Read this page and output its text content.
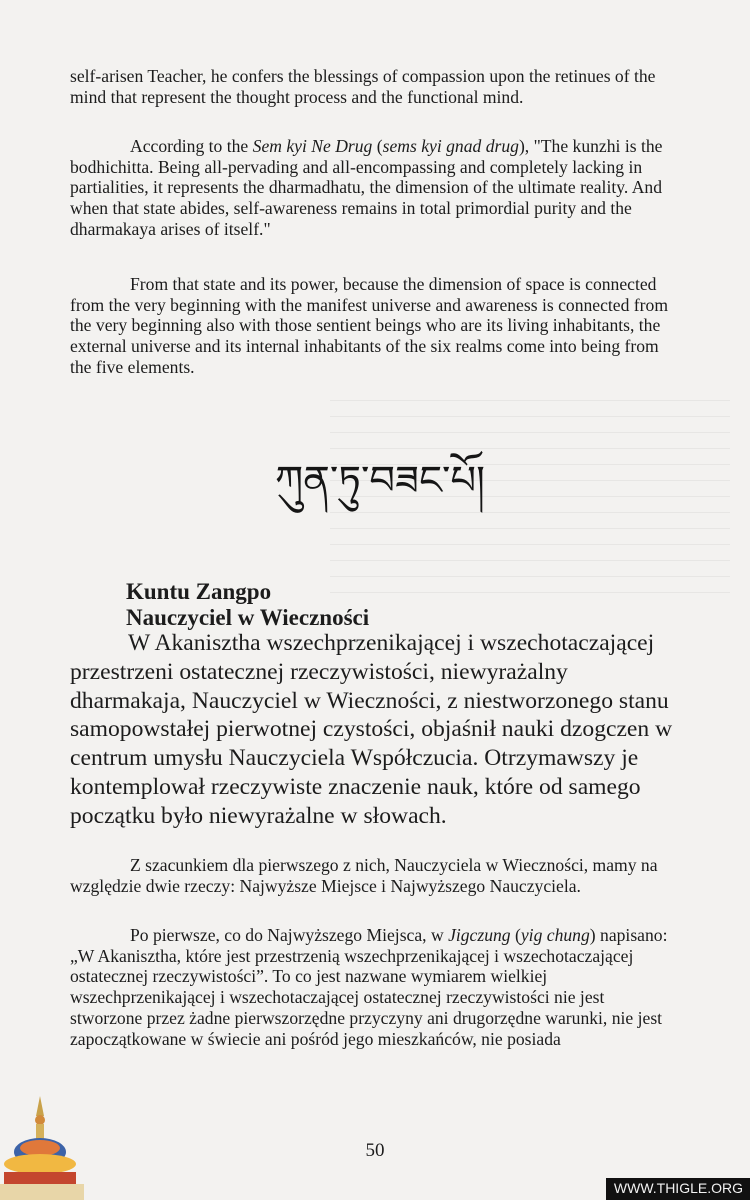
self-arisen Teacher, he confers the blessings of compassion upon the retinues of the mind that represent the thought process and the functional mind.

According to the Sem kyi Ne Drug (sems kyi gnad drug), "The kunzhi is the bodhichitta. Being all-pervading and all-encompassing and completely lacking in partialities, it represents the dharmadhatu, the dimension of the ultimate reality. And when that state abides, self-awareness remains in total primordial purity and the dharmakaya arises of itself."

From that state and its power, because the dimension of space is connected from the very beginning with the manifest universe and awareness is connected from the very beginning also with those sentient beings who are its living inhabitants, the external universe and its internal inhabitants of the six realms come into being from the five elements.

ཀུན་ཏུ་བཟང་པོ།
Kuntu Zangpo
Nauczyciel w Wieczności

W Akanisztha wszechprzenikającej i wszechotaczającej przestrzeni ostatecznej rzeczywistości, niewyrażalny dharmakaja, Nauczyciel w Wieczności, z niestworzonego stanu samopowstałej pierwotnej czystości, objaśnił nauki dzogczen w centrum umysłu Nauczyciela Współczucia. Otrzymawszy je kontemplował rzeczywiste znaczenie nauk, które od samego początku było niewyrażalne w słowach.

Z szacunkiem dla pierwszego z nich, Nauczyciela w Wieczności, mamy na względzie dwie rzeczy: Najwyższe Miejsce i Najwyższego Nauczyciela.

Po pierwsze, co do Najwyższego Miejsca, w Jigczung (yig chung) napisano: „W Akanisztha, które jest przestrzenią wszechprzenikającej i wszechotaczającej ostatecznej rzeczywistości”. To co jest nazwane wymiarem wielkiej wszechprzenikającej i wszechotaczającej ostatecznej rzeczywistości nie jest stworzone przez żadne pierwszorzędne przyczyny ani drugorzędne warunki, nie jest zapoczątkowane w świecie ani pośród jego mieszkańców, nie posiada

50
WWW.THIGLE.ORG
